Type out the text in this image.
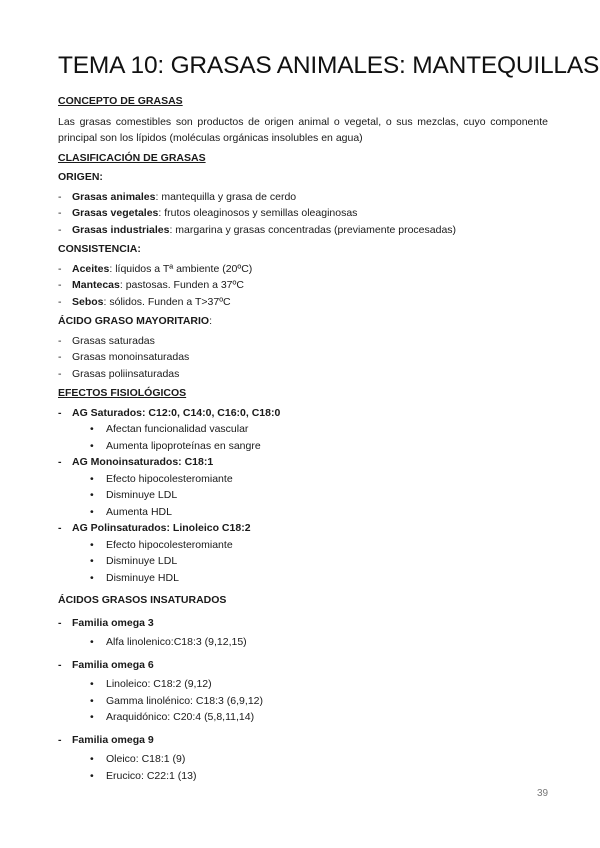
TEMA 10: GRASAS ANIMALES: MANTEQUILLAS
CONCEPTO DE GRASAS

Las grasas comestibles son productos de origen animal o vegetal, o sus mezclas, cuyo componente principal son los lípidos (moléculas orgánicas insolubles en agua)

CLASIFICACIÓN DE GRASAS
ORIGEN:
- Grasas animales: mantequilla y grasa de cerdo
- Grasas vegetales: frutos oleaginosos y semillas oleaginosas
- Grasas industriales: margarina y grasas concentradas (previamente procesadas)
CONSISTENCIA:
- Aceites: líquidos a Tª ambiente (20ºC)
- Mantecas: pastosas. Funden a 37ºC
- Sebos: sólidos. Funden a T>37ºC
ÁCIDO GRASO MAYORITARIO:
- Grasas saturadas
- Grasas monoinsaturadas
- Grasas poliinsaturadas
EFECTOS FISIOLÓGICOS
- AG Saturados: C12:0, C14:0, C16:0, C18:0
• Afectan funcionalidad vascular
• Aumenta lipoproteínas en sangre
- AG Monoinsaturados: C18:1
• Efecto hipocolesteromiante
• Disminuye LDL
• Aumenta HDL
- AG Polinsaturados: Linoleico C18:2
• Efecto hipocolesteromiante
• Disminuye LDL
• Disminuye HDL
ÁCIDOS GRASOS INSATURADOS
- Familia omega 3
• Alfa linolenico:C18:3 (9,12,15)
- Familia omega 6
• Linoleico: C18:2 (9,12)
• Gamma linolénico: C18:3 (6,9,12)
• Araquidónico: C20:4 (5,8,11,14)
- Familia omega 9
• Oleico: C18:1 (9)
• Erucico: C22:1 (13)
39
